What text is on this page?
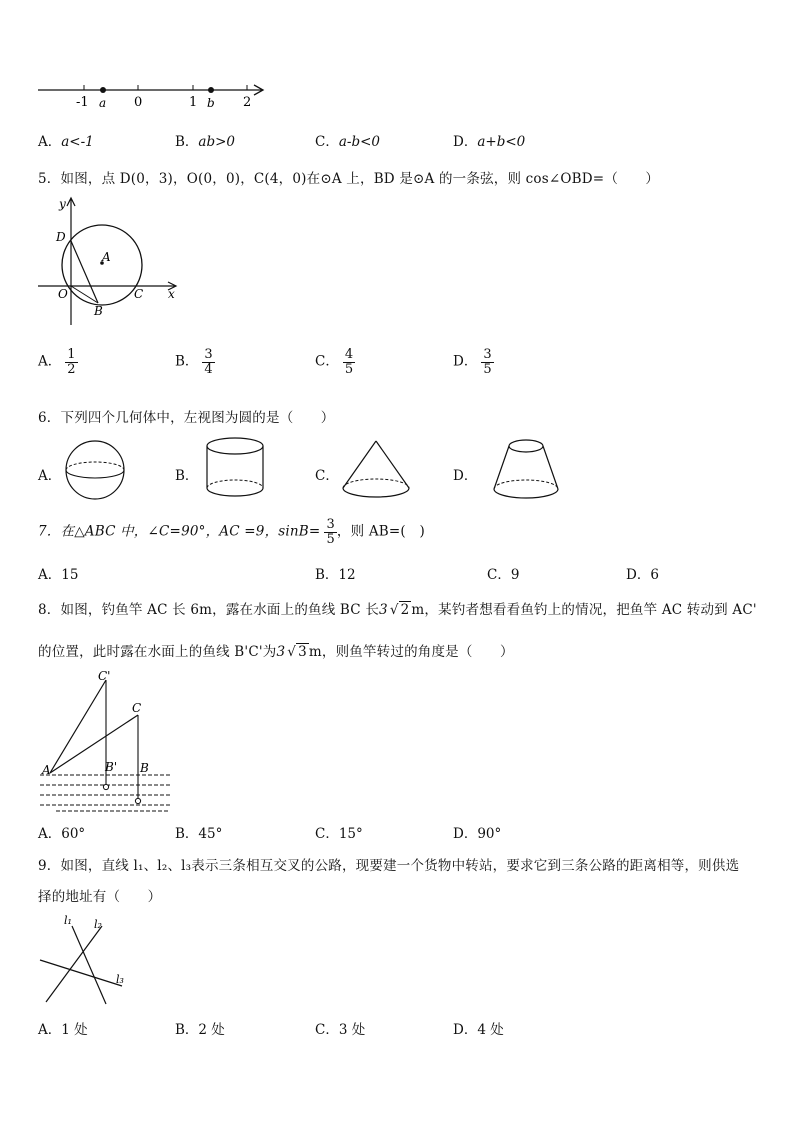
-1 a 0	1 b 2
A．a<-1	B．ab>0	C．a-b<0	D．a+b<0
5．如图，点 D(0，3)，O(0，0)，C(4，0)在⊙A 上，BD 是⊙A 的一条弦，则 cos∠OBD=（　　）
x
y
D
A
O	C
B
A． $\frac{1}{2}$	B． $\frac{3}{4}$	C． $\frac{4}{5}$	D． $\frac{3}{5}$
6．下列四个几何体中，左视图为圆的是（　　）
A．	B．	C．	D．
7．在△ABC 中，∠C=90°，AC =9，$\sin B= \frac{3}{5}$ ，则 AB=(　)
A．15	B．12	C．9	D．6
8．如图，钓鱼竿 AC 长 6m，露在水面上的鱼线 BC 长3 √ 2 m，某钓者想看看鱼钓上的情况，把鱼竿 AC 转动到 AC'
的位置，此时露在水面上的鱼线 B'C'为3 √ 3 m，则鱼竿转过的角度是（　　）
C'
C
A	B' B
A．60°	B．45°	C．15°	D．90°
9．如图，直线 l₁、l₂、l₃表示三条相互交叉的公路，现要建一个货物中转站，要求它到三条公路的距离相等，则供选
择的地址有（　　）
l₁ l₂
l₃
A．1 处	B．2 处	C．3 处	D．4 处
